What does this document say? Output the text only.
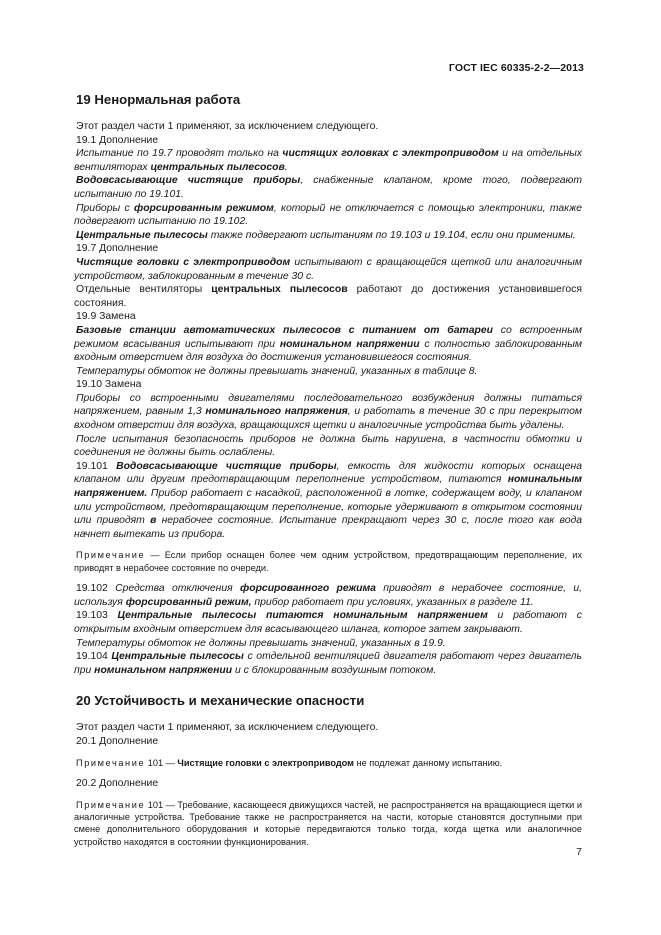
ГОСТ IEC 60335-2-2—2013
19 Ненормальная работа

Этот раздел части 1 применяют, за исключением следующего.

19.1 Дополнение

Испытание по 19.7 проводят только на чистящих головках с электроприводом и на отдельных вентиляторах центральных пылесосов.

Водовсасывающие чистящие приборы, снабженные клапаном, кроме того, подвергают испытанию по 19.101.

Приборы с форсированным режимом, который не отключается с помощью электроники, также подвергают испытанию по 19.102.

Центральные пылесосы также подвергают испытаниям по 19.103 и 19.104, если они применимы.

19.7 Дополнение

Чистящие головки с электроприводом испытывают с вращающейся щеткой или аналогичным устройством, заблокированным в течение 30 с.

Отдельные вентиляторы центральных пылесосов работают до достижения установившегося состояния.

19.9 Замена

Базовые станции автоматических пылесосов с питанием от батареи со встроенным режимом всасывания испытывают при номинальном напряжении с полностью заблокированным входным отверстием для воздуха до достижения установившегося состояния.

Температуры обмоток не должны превышать значений, указанных в таблице 8.

19.10 Замена

Приборы со встроенными двигателями последовательного возбуждения должны питаться напряжением, равным 1,3 номинального напряжения, и работать в течение 30 с при перекрытом входном отверстии для воздуха, вращающихся щетки и аналогичные устройства быть удалены.

После испытания безопасность приборов не должна быть нарушена, в частности обмотки и соединения не должны быть ослаблены.

19.101 Водовсасывающие чистящие приборы, емкость для жидкости которых оснащена клапаном или другим предотвращающим переполнение устройством, питаются номинальным напряжением. Прибор работает с насадкой, расположенной в лотке, содержащем воду, и клапаном или устройством, предотвращающим переполнение, которые удерживают в открытом состоянии или приводят в нерабочее состояние. Испытание прекращают через 30 с, после того как вода начнет вытекать из прибора.

Примечание — Если прибор оснащен более чем одним устройством, предотвращающим переполнение, их приводят в нерабочее состояние по очереди.

19.102 Средства отключения форсированного режима приводят в нерабочее состояние, и, используя форсированный режим, прибор работает при условиях, указанных в разделе 11.

19.103 Центральные пылесосы питаются номинальным напряжением и работают с открытым входным отверстием для всасывающего шланга, которое затем закрывают.

Температуры обмоток не должны превышать значений, указанных в 19.9.

19.104 Центральные пылесосы с отдельной вентиляцией двигателя работают через двигатель при номинальном напряжении и с блокированным воздушным потоком.

20 Устойчивость и механические опасности

Этот раздел части 1 применяют, за исключением следующего.

20.1 Дополнение

Примечание 101 — Чистящие головки с электроприводом не подлежат данному испытанию.

20.2 Дополнение

Примечание 101 — Требование, касающееся движущихся частей, не распространяется на вращающиеся щетки и аналогичные устройства. Требование также не распространяется на части, которые становятся доступными при смене дополнительного оборудования и которые передвигаются только тогда, когда щетка или аналогичное устройство находятся в состоянии функционирования.

7
